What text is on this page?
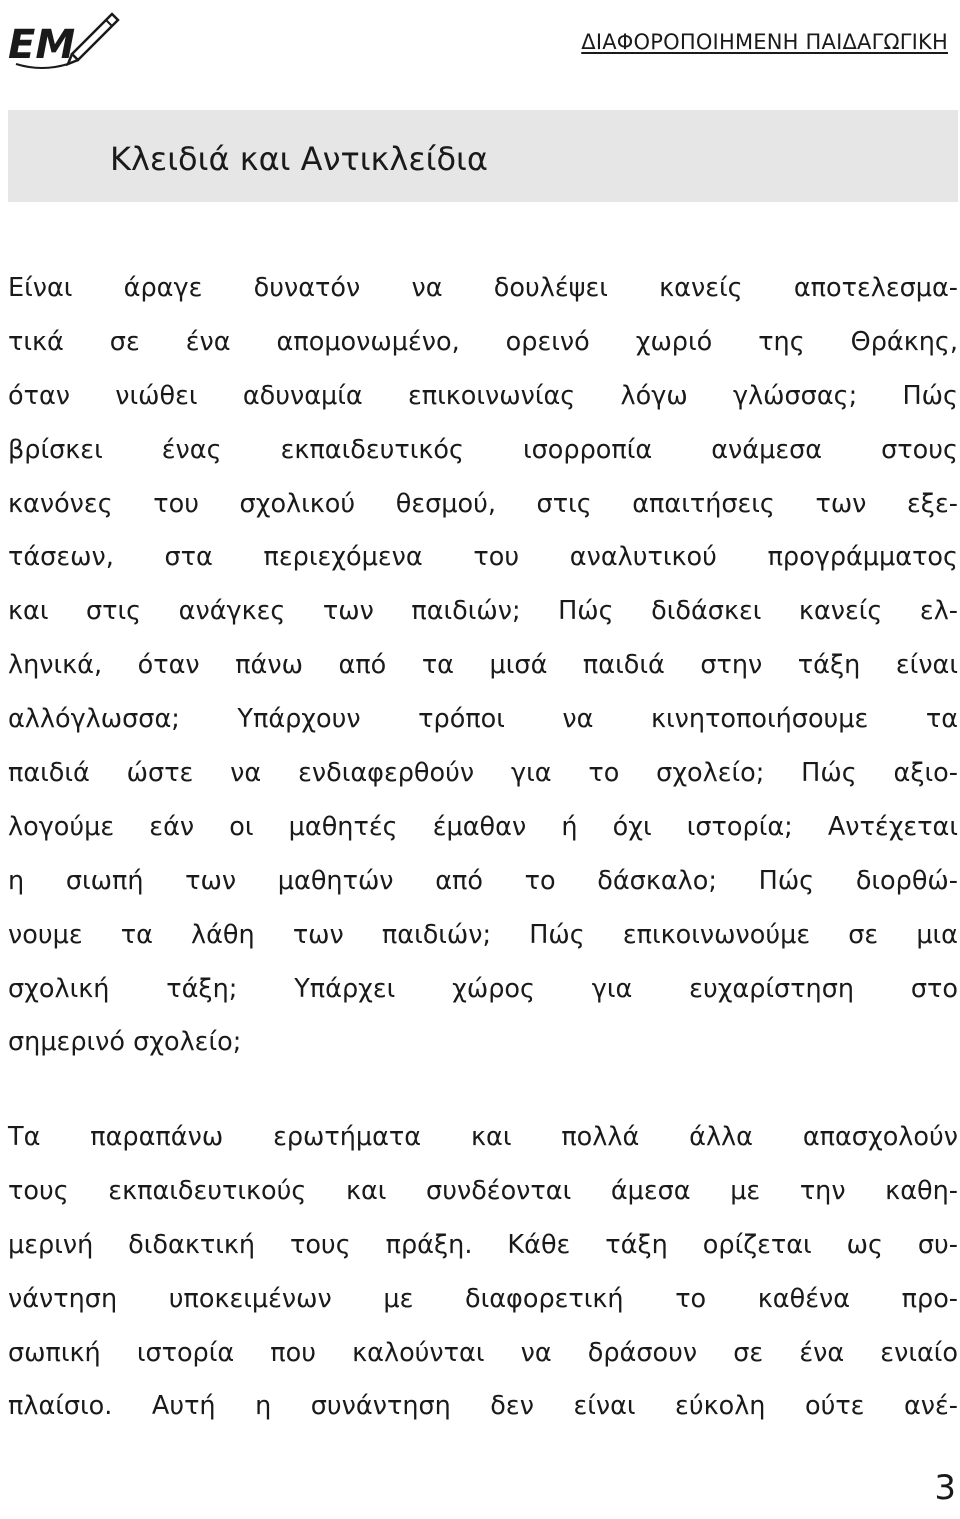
EM	ΔΙΑΦΟΡΟΠΟΙΗΜΕΝΗ ΠΑΙΔΑΓΩΓΙΚΗ
Κλειδιά και Αντικλείδια
Είναι άραγε δυνατόν να δουλέψει κανείς αποτελεσμα-
τικά σε ένα απομονωμένο, ορεινό χωριό της Θράκης,
όταν νιώθει αδυναμία επικοινωνίας λόγω γλώσσας; Πώς
βρίσκει ένας εκπαιδευτικός ισορροπία ανάμεσα στους
κανόνες του σχολικού θεσμού, στις απαιτήσεις των εξε-
τάσεων, στα περιεχόμενα του αναλυτικού προγράμματος
και στις ανάγκες των παιδιών; Πώς διδάσκει κανείς ελ-
ληνικά, όταν πάνω από τα μισά παιδιά στην τάξη είναι
αλλόγλωσσα; Υπάρχουν τρόποι να κινητοποιήσουμε τα
παιδιά ώστε να ενδιαφερθούν για το σχολείο; Πώς αξιο-
λογούμε εάν οι μαθητές έμαθαν ή όχι ιστορία; Αντέχεται
η σιωπή των μαθητών από το δάσκαλο; Πώς διορθώ-
νουμε τα λάθη των παιδιών; Πώς επικοινωνούμε σε μια
σχολική τάξη; Υπάρχει χώρος για ευχαρίστηση στο
σημερινό σχολείο;
Τα παραπάνω ερωτήματα και πολλά άλλα απασχολούν
τους εκπαιδευτικούς και συνδέονται άμεσα με την καθη-
μερινή διδακτική τους πράξη. Κάθε τάξη ορίζεται ως συ-
νάντηση υποκειμένων με διαφορετική το καθένα προ-
σωπική ιστορία που καλούνται να δράσουν σε ένα ενιαίο
πλαίσιο. Αυτή η συνάντηση δεν είναι εύκολη ούτε ανέ-
3
